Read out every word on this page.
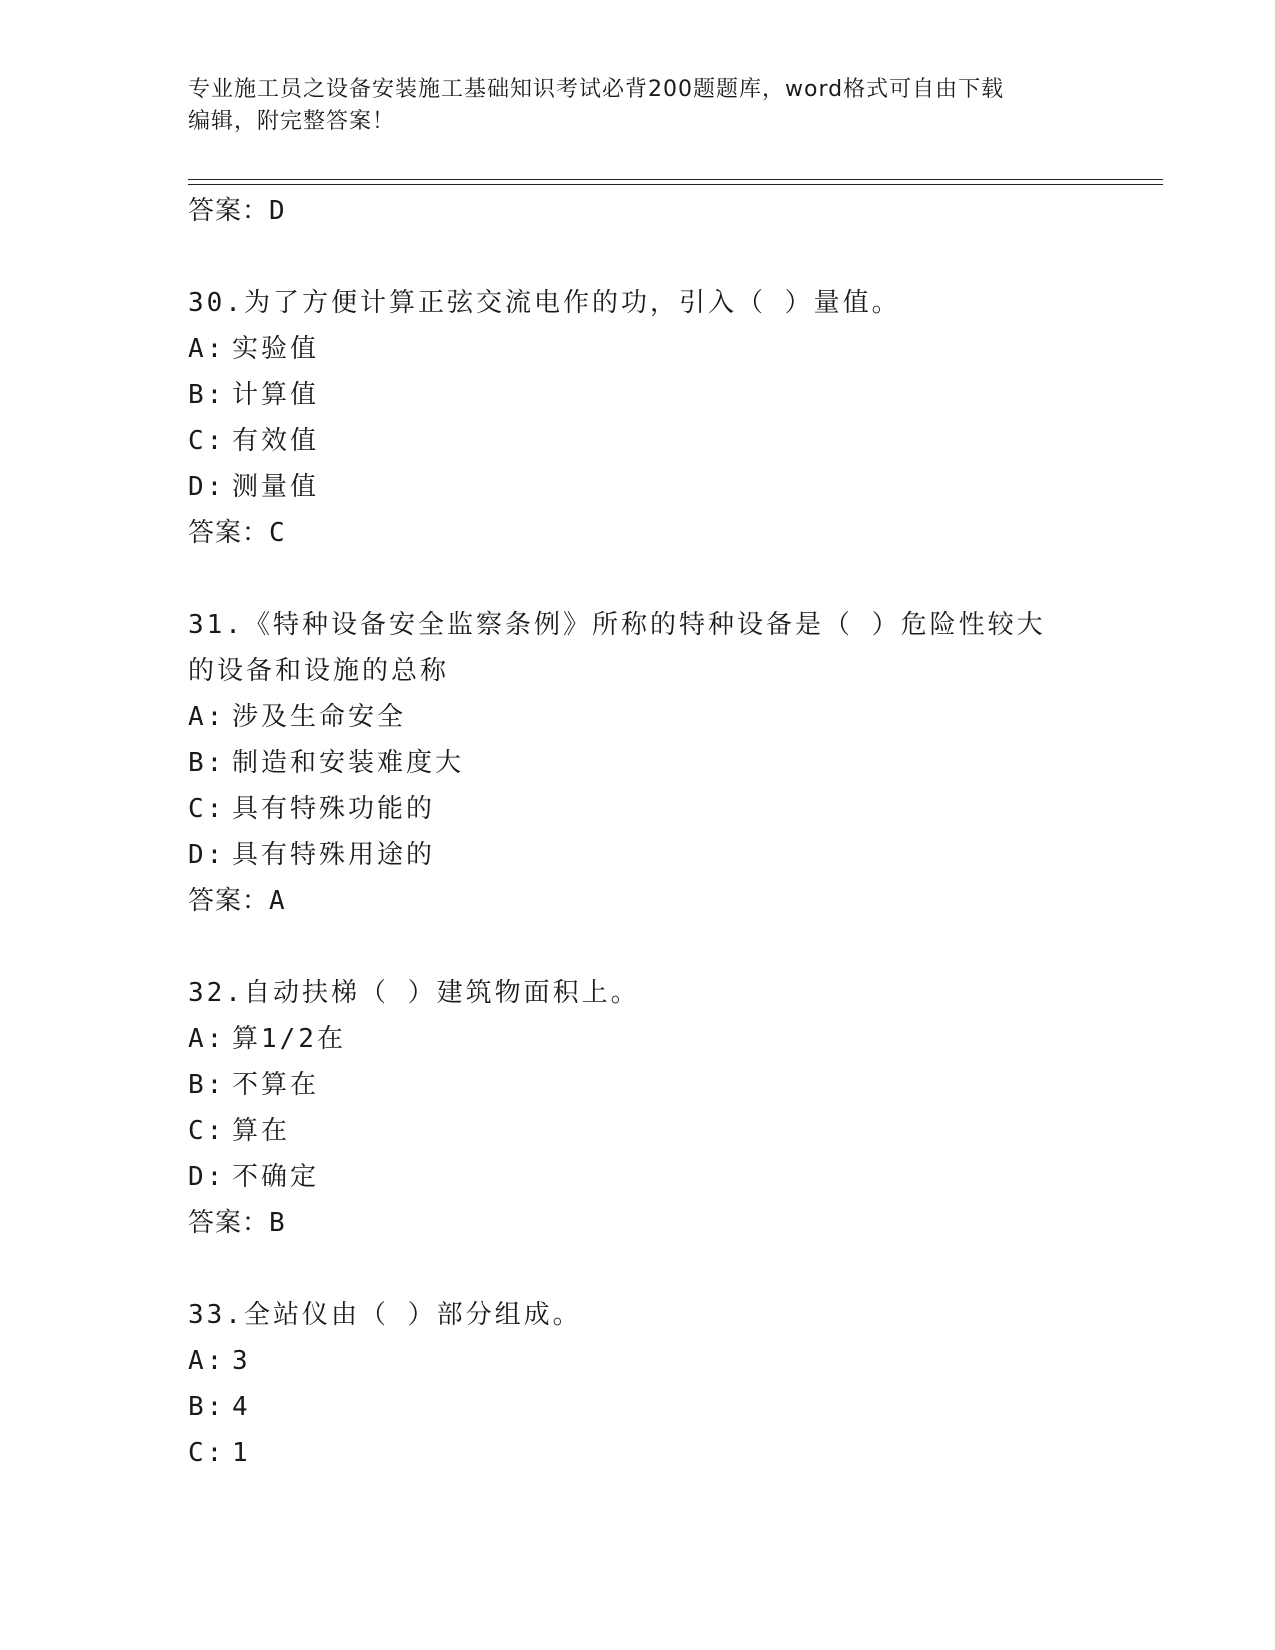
专业施工员之设备安装施工基础知识考试必背200题题库，word格式可自由下载
编辑，附完整答案！
答案：D
30.为了方便计算正弦交流电作的功，引入（ ）量值。
A: 实验值
B: 计算值
C: 有效值
D: 测量值
答案：C
31.《特种设备安全监察条例》所称的特种设备是（ ）危险性较大的设备和设施的总称
A: 涉及生命安全
B: 制造和安装难度大
C: 具有特殊功能的
D: 具有特殊用途的
答案：A
32.自动扶梯（ ）建筑物面积上。
A: 算1/2在
B: 不算在
C: 算在
D: 不确定
答案：B
33.全站仪由（ ）部分组成。
A: 3
B: 4
C: 1
